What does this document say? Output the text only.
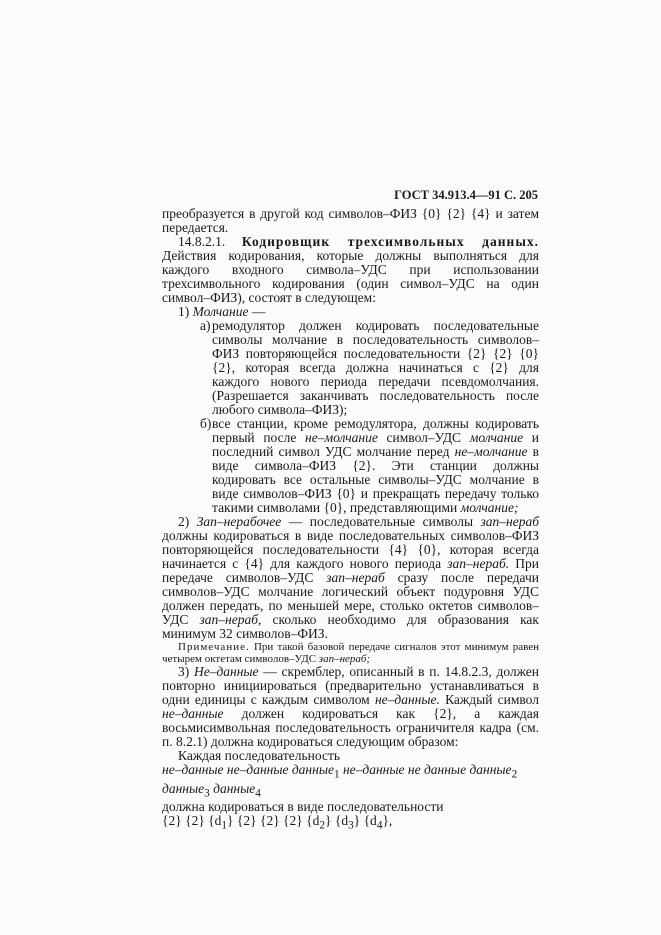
ГОСТ 34.913.4—91 С. 205

преобразуется в другой код символов–ФИЗ {0} {2} {4} и затем передается.

14.8.2.1. Кодировщик трехсимвольных данных. Действия кодирования, которые должны выполняться для каждого входного символа–УДС при использовании трехсимвольного кодирования (один символ–УДС на один символ–ФИЗ), состоят в следующем:

1) Молчание —

а) ремодулятор должен кодировать последовательные символы молчание в последовательность символов–ФИЗ повторяющейся последовательности {2} {2} {0} {2}, которая всегда должна начинаться с {2} для каждого нового периода передачи псевдомолчания. (Разрешается заканчивать последовательность после любого символа–ФИЗ);
б) все станции, кроме ремодулятора, должны кодировать первый после не–молчание символ–УДС молчание и последний символ УДС молчание перед не–молчание в виде символа–ФИЗ {2}. Эти станции должны кодировать все остальные символы–УДС молчание в виде символов–ФИЗ {0} и прекращать передачу только такими символами {0}, представляющими молчание;

2) Зап–нерабочее — последовательные символы зап–нераб должны кодироваться в виде последовательных символов–ФИЗ повторяющейся последовательности {4} {0}, которая всегда начинается с {4} для каждого нового периода зап–нераб. При передаче символов–УДС зап–нераб сразу после передачи символов–УДС молчание логический объект подуровня УДС должен передать, по меньшей мере, столько октетов символов–УДС зап–нераб, сколько необходимо для образования как минимум 32 символов–ФИЗ.

Примечание. При такой базовой передаче сигналов этот минимум равен четырем октетам символов–УДС зап–нераб;

3) Не–данные — скремблер, описанный в п. 14.8.2.3, должен повторно инициироваться (предварительно устанавливаться в одни единицы с каждым символом не–данные. Каждый символ не–данные должен кодироваться как {2}, а каждая восьмисимвольная последовательность ограничителя кадра (см. п. 8.2.1) должна кодироваться следующим образом:

Каждая последовательность

не–данные не–данные данные$_1$ не–данные не данные данные$_2$

данные$_3$ данные$_4$

должна кодироваться в виде последовательности

{2} {2} $\{d_1\}$ {2} {2} {2} $\{d_2\}$ $\{d_3\}$ $\{d_4\}$,
